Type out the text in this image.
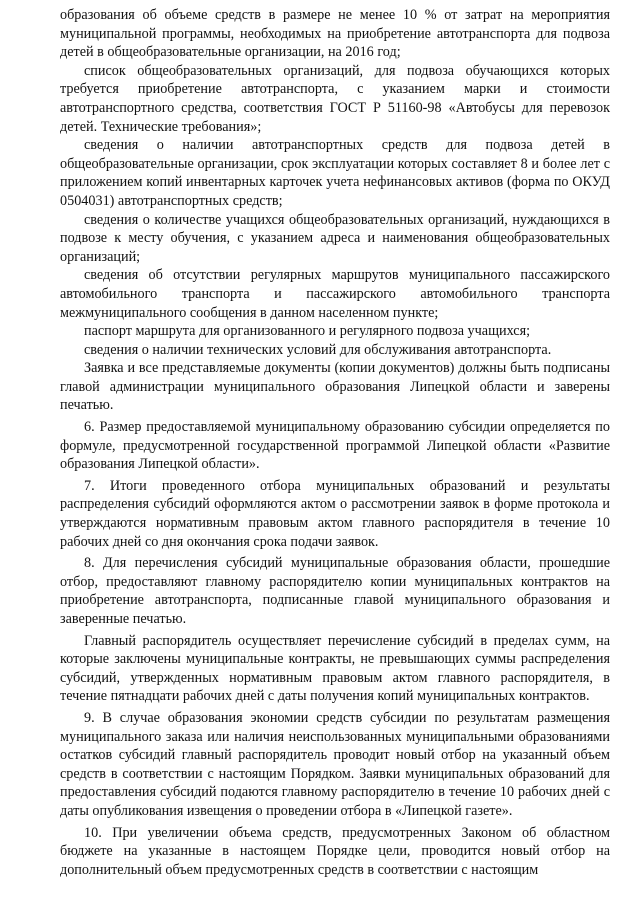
образования об объеме средств в размере не менее 10 % от затрат на мероприятия муниципальной программы, необходимых на приобретение автотранспорта для подвоза детей в общеобразовательные организации, на 2016 год;

список общеобразовательных организаций, для подвоза обучающихся которых требуется приобретение автотранспорта, с указанием марки и стоимости автотранспортного средства, соответствия ГОСТ Р 51160-98 «Автобусы для перевозок детей. Технические требования»;

сведения о наличии автотранспортных средств для подвоза детей в общеобразовательные организации, срок эксплуатации которых составляет 8 и более лет с приложением копий инвентарных карточек учета нефинансовых активов (форма по ОКУД 0504031) автотранспортных средств;

сведения о количестве учащихся общеобразовательных организаций, нуждающихся в подвозе к месту обучения, с указанием адреса и наименования общеобразовательных организаций;

сведения об отсутствии регулярных маршрутов муниципального пассажирского автомобильного транспорта и пассажирского автомобильного транспорта межмуниципального сообщения в данном населенном пункте;

паспорт маршрута для организованного и регулярного подвоза учащихся;

сведения о наличии технических условий для обслуживания автотранспорта.

Заявка и все представляемые документы (копии документов) должны быть подписаны главой администрации муниципального образования Липецкой области и заверены печатью.

6. Размер предоставляемой муниципальному образованию субсидии определяется по формуле, предусмотренной государственной программой Липецкой области «Развитие образования Липецкой области».

7. Итоги проведенного отбора муниципальных образований и результаты распределения субсидий оформляются актом о рассмотрении заявок в форме протокола и утверждаются нормативным правовым актом главного распорядителя в течение 10 рабочих дней со дня окончания срока подачи заявок.

8. Для перечисления субсидий муниципальные образования области, прошедшие отбор, предоставляют главному распорядителю копии муниципальных контрактов на приобретение автотранспорта, подписанные главой муниципального образования и заверенные печатью.

Главный распорядитель осуществляет перечисление субсидий в пределах сумм, на которые заключены муниципальные контракты, не превышающих суммы распределения субсидий, утвержденных нормативным правовым актом главного распорядителя, в течение пятнадцати рабочих дней с даты получения копий муниципальных контрактов.

9. В случае образования экономии средств субсидии по результатам размещения муниципального заказа или наличия неиспользованных муниципальными образованиями остатков субсидий главный распорядитель проводит новый отбор на указанный объем средств в соответствии с настоящим Порядком. Заявки муниципальных образований для предоставления субсидий подаются главному распорядителю в течение 10 рабочих дней с даты опубликования извещения о проведении отбора в «Липецкой газете».

10. При увеличении объема средств, предусмотренных Законом об областном бюджете на указанные в настоящем Порядке цели, проводится новый отбор на дополнительный объем предусмотренных средств в соответствии с настоящим
